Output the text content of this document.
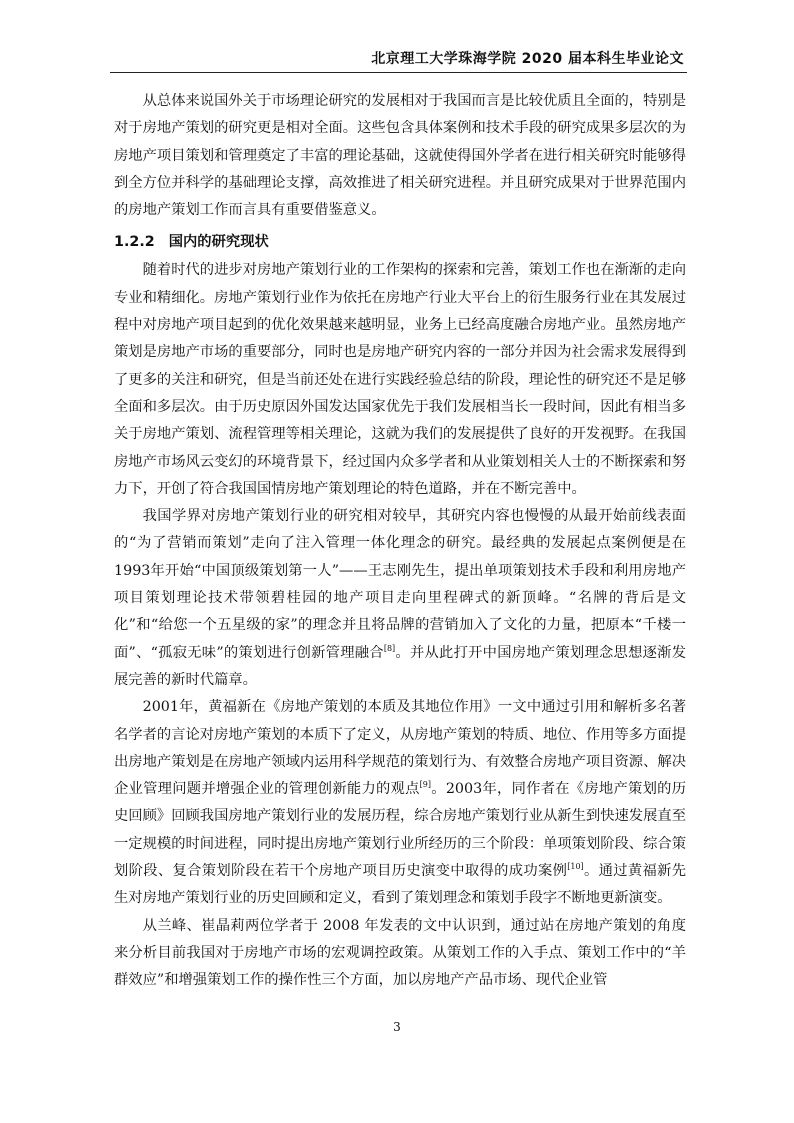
北京理工大学珠海学院 2020 届本科生毕业论文

从总体来说国外关于市场理论研究的发展相对于我国而言是比较优质且全面的，特别是对于房地产策划的研究更是相对全面。这些包含具体案例和技术手段的研究成果多层次的为房地产项目策划和管理奠定了丰富的理论基础，这就使得国外学者在进行相关研究时能够得到全方位并科学的基础理论支撑，高效推进了相关研究进程。并且研究成果对于世界范围内的房地产策划工作而言具有重要借鉴意义。

1.2.2 国内的研究现状

随着时代的进步对房地产策划行业的工作架构的探索和完善，策划工作也在渐渐的走向专业和精细化。房地产策划行业作为依托在房地产行业大平台上的衍生服务行业在其发展过程中对房地产项目起到的优化效果越来越明显，业务上已经高度融合房地产业。虽然房地产策划是房地产市场的重要部分，同时也是房地产研究内容的一部分并因为社会需求发展得到了更多的关注和研究，但是当前还处在进行实践经验总结的阶段，理论性的研究还不是足够全面和多层次。由于历史原因外国发达国家优先于我们发展相当长一段时间，因此有相当多关于房地产策划、流程管理等相关理论，这就为我们的发展提供了良好的开发视野。在我国房地产市场风云变幻的环境背景下，经过国内众多学者和从业策划相关人士的不断探索和努力下，开创了符合我国国情房地产策划理论的特色道路，并在不断完善中。

我国学界对房地产策划行业的研究相对较早，其研究内容也慢慢的从最开始前线表面的“为了营销而策划”走向了注入管理一体化理念的研究。最经典的发展起点案例便是在1993年开始“中国顶级策划第一人”——王志刚先生，提出单项策划技术手段和利用房地产项目策划理论技术带领碧桂园的地产项目走向里程碑式的新顶峰。“名牌的背后是文化”和“给您一个五星级的家”的理念并且将品牌的营销加入了文化的力量，把原本“千楼一面”、“孤寂无味”的策划进行创新管理融合[8]。并从此打开中国房地产策划理念思想逐渐发展完善的新时代篇章。

2001年，黄福新在《房地产策划的本质及其地位作用》一文中通过引用和解析多名著名学者的言论对房地产策划的本质下了定义，从房地产策划的特质、地位、作用等多方面提出房地产策划是在房地产领域内运用科学规范的策划行为、有效整合房地产项目资源、解决企业管理问题并增强企业的管理创新能力的观点[9]。2003年，同作者在《房地产策划的历史回顾》回顾我国房地产策划行业的发展历程，综合房地产策划行业从新生到快速发展直至一定规模的时间进程，同时提出房地产策划行业所经历的三个阶段：单项策划阶段、综合策划阶段、复合策划阶段在若干个房地产项目历史演变中取得的成功案例[10]。通过黄福新先生对房地产策划行业的历史回顾和定义，看到了策划理念和策划手段字不断地更新演变。

从兰峰、崔晶莉两位学者于 2008 年发表的文中认识到，通过站在房地产策划的角度来分析目前我国对于房地产市场的宏观调控政策。从策划工作的入手点、策划工作中的“羊群效应”和增强策划工作的操作性三个方面，加以房地产产品市场、现代企业管

3
